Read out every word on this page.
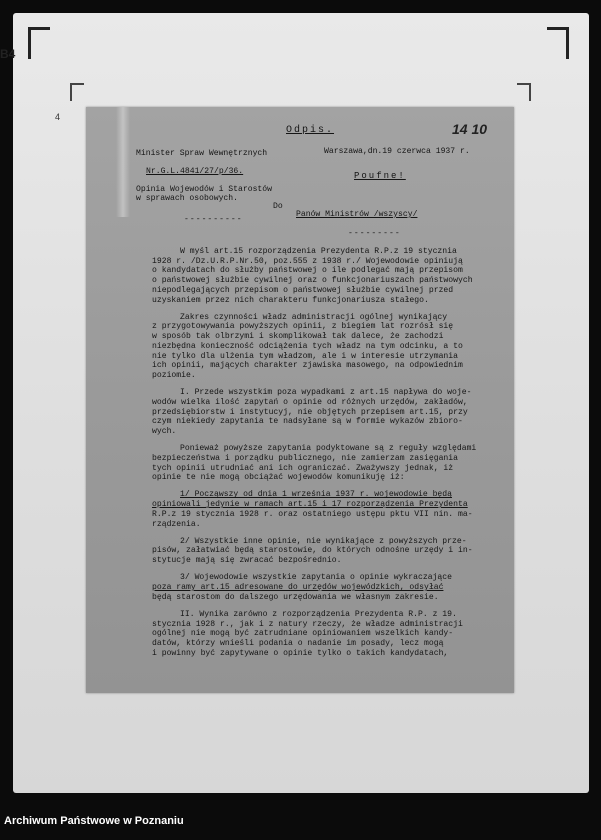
B4
4
Odpis.	14 10
Minister Spraw Wewnętrznych	Warszawa,dn.19 czerwca 1937 r.
Nr.G.L.4841/27/p/36.	Poufne!
Opinia Wojewodów i Starostów
w sprawach osobowych.
Do
Panów Ministrów /wszyscy/
----------
---------
W myśl art.15 rozporządzenia Prezydenta R.P.z 19 stycznia
1928 r. /Dz.U.R.P.Nr.50, poz.555 z 1938 r./ Wojewodowie opiniują
o kandydatach do służby państwowej o ile podlegać mają przepisom
o państwowej służbie cywilnej oraz o funkcjonariuszach państwowych
niepodlegających przepisom o państwowej służbie cywilnej przed
uzyskaniem przez nich charakteru funkcjonariusza stałego.
Zakres czynności władz administracji ogólnej wynikający
z przygotowywania powyższych opinii, z biegiem lat rozrósł się
w sposób tak olbrzymi i skomplikował tak dalece, że zachodzi
niezbędna konieczność odciążenia tych władz na tym odcinku, a to
nie tylko dla ulżenia tym władzom, ale i w interesie utrzymania
ich opinii, mających charakter zjawiska masowego, na odpowiednim
poziomie.
I. Przede wszystkim poza wypadkami z art.15 napływa do woje-
wodów wielka ilość zapytań o opinie od różnych urzędów, zakładów,
przedsiębiorstw i instytucyj, nie objętych przepisem art.15, przy
czym niekiedy zapytania te nadsyłane są w formie wykazów zbioro-
wych.
Ponieważ powyższe zapytania podyktowane są z reguły względami
bezpieczeństwa i porządku publicznego, nie zamierzam zasięgania
tych opinii utrudniać ani ich ograniczać. Zważywszy jednak, iż
opinie te nie mogą obciążać wojewodów komunikuję iż:
1/ Począwszy od dnia 1 września 1937 r. wojewodowie będą
opiniowali jedynie w ramach art.15 i 17 rozporządzenia Prezydenta
R.P.z 19 stycznia 1928 r. oraz ostatniego ustępu pktu VII nin. ma-
rządzenia.
2/ Wszystkie inne opinie, nie wynikające z powyższych prze-
pisów, załatwiać będą starostowie, do których odnośne urzędy i in-
stytucje mają się zwracać bezpośrednio.
3/ Wojewodowie wszystkie zapytania o opinie wykraczające
poza ramy art.15 adresowane do urzędów wojewódzkich, odsyłać
będą starostom do dalszego urzędowania we własnym zakresie.
II. Wynika zarówno z rozporządzenia Prezydenta R.P. z 19.
stycznia 1928 r., jak i z natury rzeczy, że władze administracji
ogólnej nie mogą być zatrudniane opiniowaniem wszelkich kandy-
datów, którzy wnieśli podania o nadanie im posady, lecz mogą
i powinny być zapytywane o opinie tylko o takich kandydatach,
Archiwum Państwowe w Poznaniu
